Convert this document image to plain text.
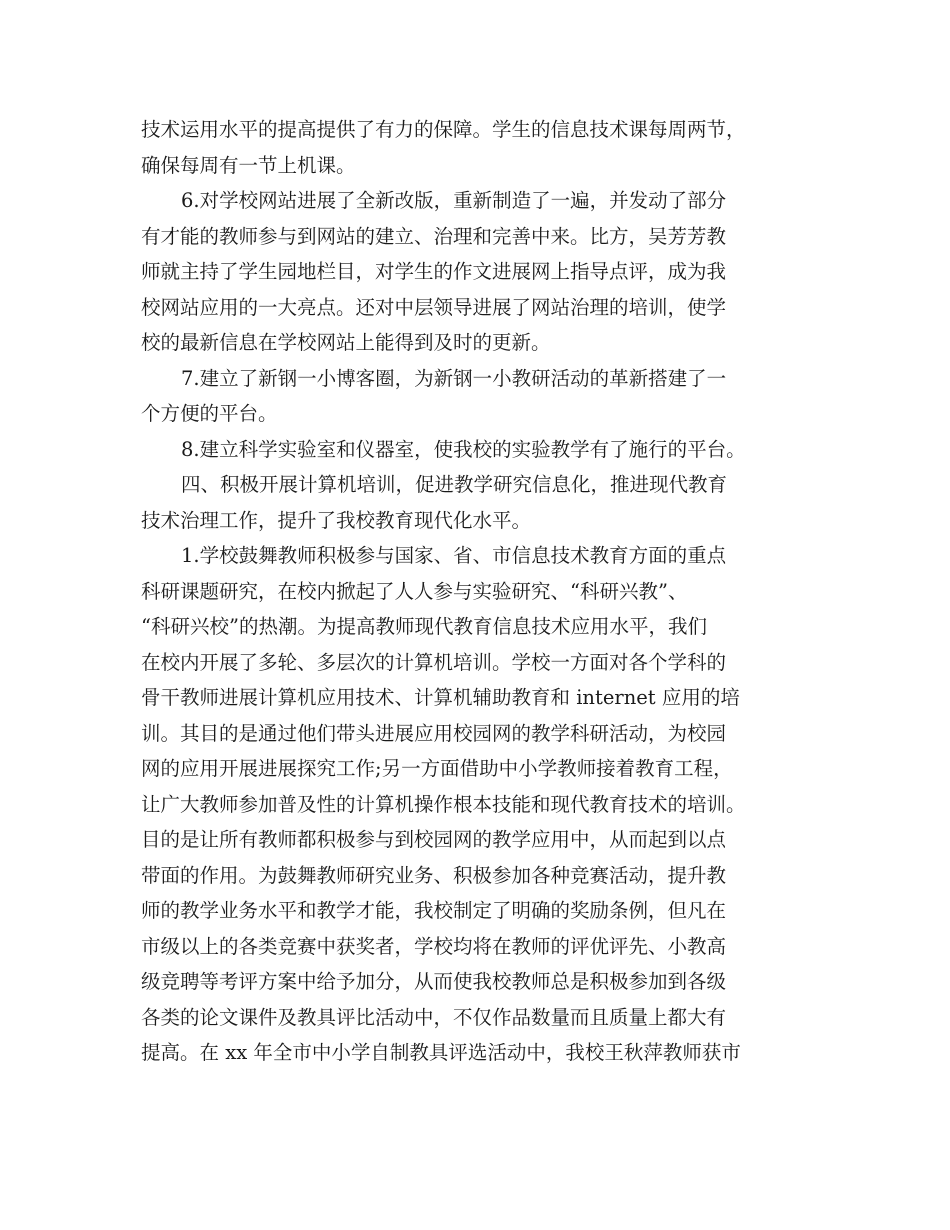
技术运用水平的提高提供了有力的保障。学生的信息技术课每周两节，
确保每周有一节上机课。
6.对学校网站进展了全新改版，重新制造了一遍，并发动了部分
有才能的教师参与到网站的建立、治理和完善中来。比方，吴芳芳教
师就主持了学生园地栏目，对学生的作文进展网上指导点评，成为我
校网站应用的一大亮点。还对中层领导进展了网站治理的培训，使学
校的最新信息在学校网站上能得到及时的更新。
7.建立了新钢一小博客圈，为新钢一小教研活动的革新搭建了一
个方便的平台。
8.建立科学实验室和仪器室，使我校的实验教学有了施行的平台。
四、积极开展计算机培训，促进教学研究信息化，推进现代教育
技术治理工作，提升了我校教育现代化水平。
1.学校鼓舞教师积极参与国家、省、市信息技术教育方面的重点
科研课题研究，在校内掀起了人人参与实验研究、“科研兴教”、
“科研兴校”的热潮。为提高教师现代教育信息技术应用水平，我们
在校内开展了多轮、多层次的计算机培训。学校一方面对各个学科的
骨干教师进展计算机应用技术、计算机辅助教育和 internet 应用的培
训。其目的是通过他们带头进展应用校园网的教学科研活动，为校园
网的应用开展进展探究工作;另一方面借助中小学教师接着教育工程，
让广大教师参加普及性的计算机操作根本技能和现代教育技术的培训。
目的是让所有教师都积极参与到校园网的教学应用中，从而起到以点
带面的作用。为鼓舞教师研究业务、积极参加各种竞赛活动，提升教
师的教学业务水平和教学才能，我校制定了明确的奖励条例，但凡在
市级以上的各类竞赛中获奖者，学校均将在教师的评优评先、小教高
级竞聘等考评方案中给予加分，从而使我校教师总是积极参加到各级
各类的论文课件及教具评比活动中，不仅作品数量而且质量上都大有
提高。在 xx 年全市中小学自制教具评选活动中，我校王秋萍教师获市
